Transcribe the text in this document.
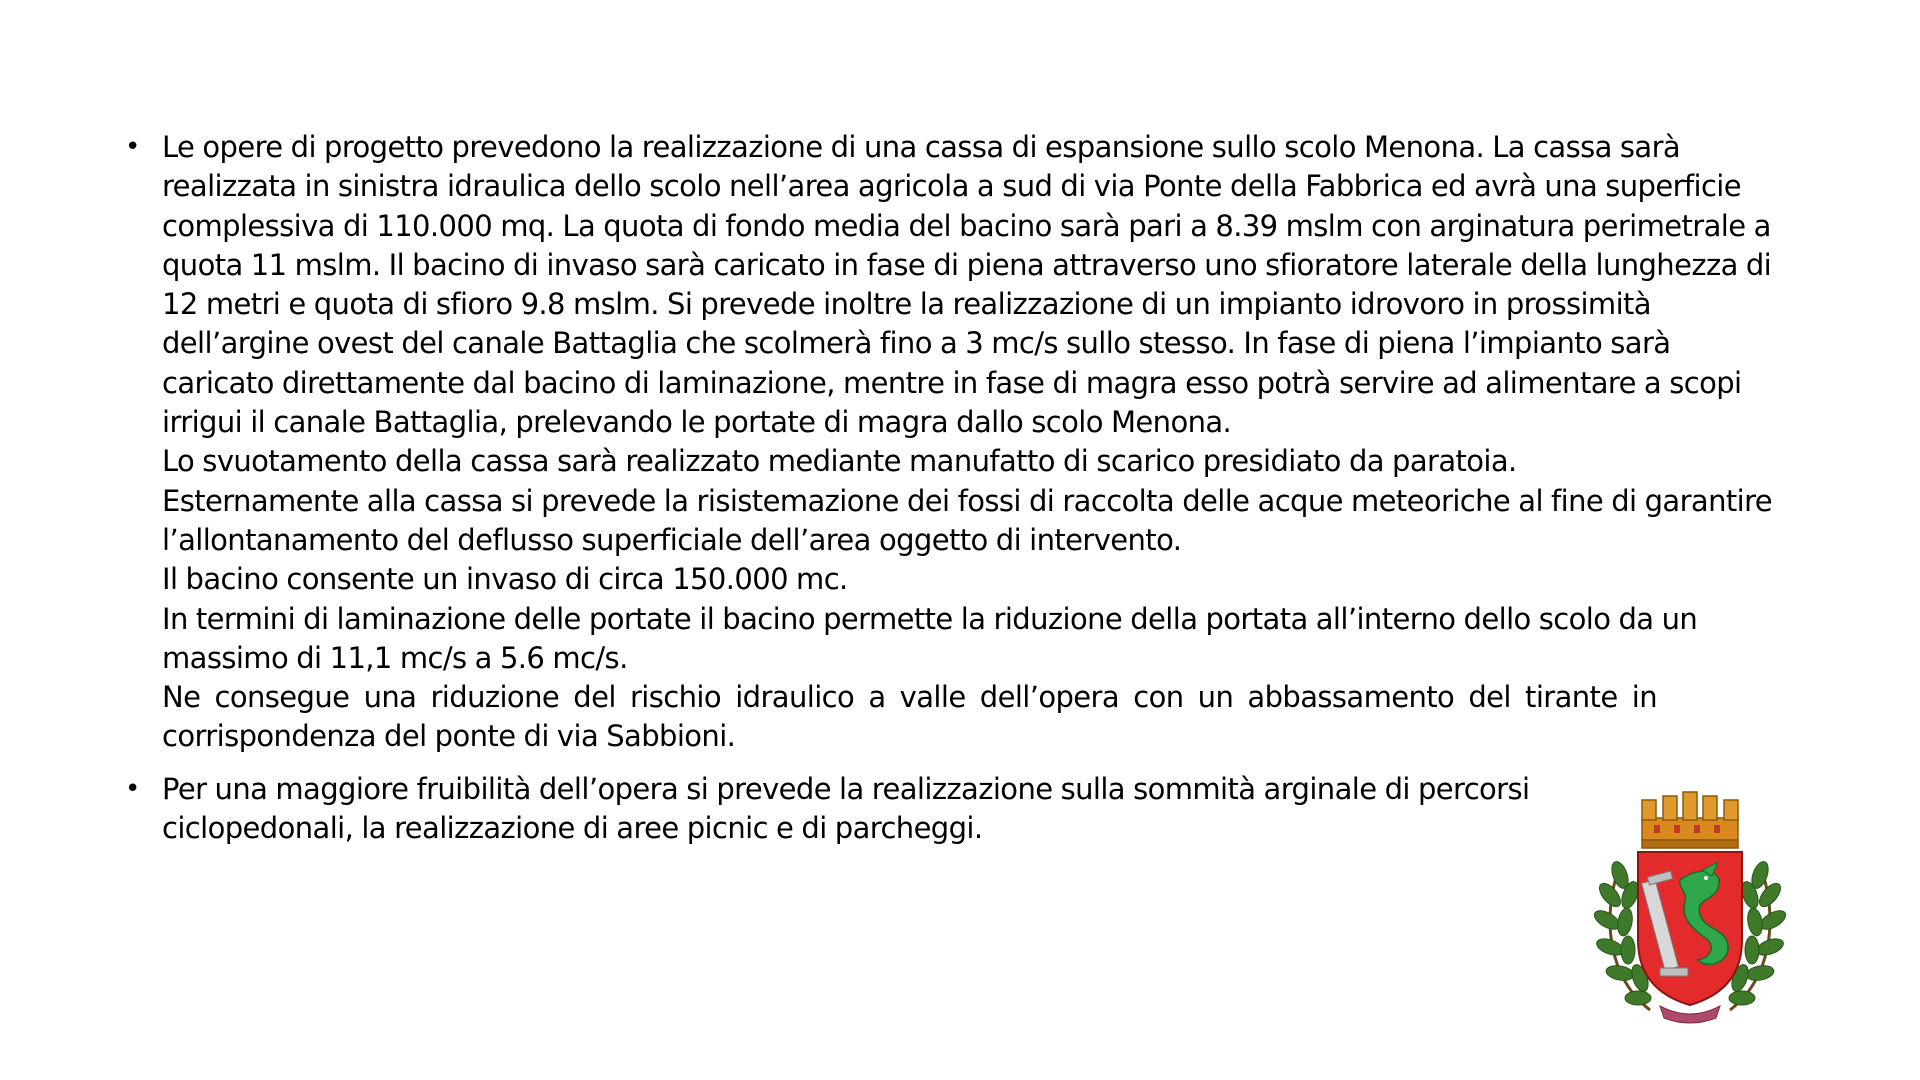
• Le opere di progetto prevedono la realizzazione di una cassa di espansione sullo scolo Menona. La cassa sarà realizzata in sinistra idraulica dello scolo nell’area agricola a sud di via Ponte della Fabbrica ed avrà una superficie complessiva di 110.000 mq. La quota di fondo media del bacino sarà pari a 8.39 mslm con arginatura perimetrale a quota 11 mslm. Il bacino di invaso sarà caricato in fase di piena attraverso uno sfioratore laterale della lunghezza di 12 metri e quota di sfioro 9.8 mslm. Si prevede inoltre la realizzazione di un impianto idrovoro in prossimità dell’argine ovest del canale Battaglia che scolmerà fino a 3 mc/s sullo stesso. In fase di piena l’impianto sarà caricato direttamente dal bacino di laminazione, mentre in fase di magra esso potrà servire ad alimentare a scopi irrigui il canale Battaglia, prelevando le portate di magra dallo scolo Menona.
Lo svuotamento della cassa sarà realizzato mediante manufatto di scarico presidiato da paratoia.
Esternamente alla cassa si prevede la risistemazione dei fossi di raccolta delle acque meteoriche al fine di garantire l’allontanamento del deflusso superficiale dell’area oggetto di intervento.
Il bacino consente un invaso di circa 150.000 mc.
In termini di laminazione delle portate il bacino permette la riduzione della portata all’interno dello scolo da un massimo di 11,1 mc/s a 5.6 mc/s.
Ne consegue una riduzione del rischio idraulico a valle dell’opera con un abbassamento del tirante in
corrispondenza del ponte di via Sabbioni.
• Per una maggiore fruibilità dell’opera si prevede la realizzazione sulla sommità arginale di percorsi ciclopedonali, la realizzazione di aree picnic e di parcheggi.
